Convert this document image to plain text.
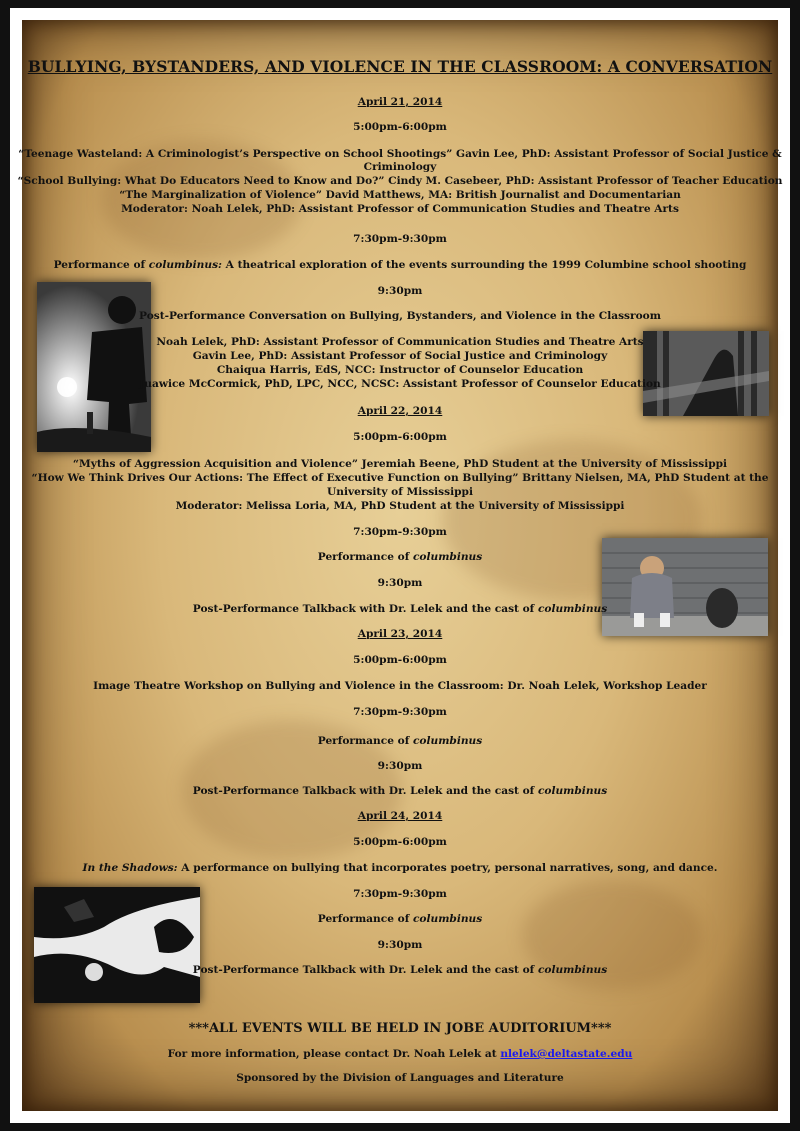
BULLYING, BYSTANDERS, AND VIOLENCE IN THE CLASSROOM: A CONVERSATION
April 21, 2014
5:00pm-6:00pm
“Teenage Wasteland: A Criminologist’s Perspective on School Shootings” Gavin Lee, PhD: Assistant Professor of Social Justice &
Criminology
“School Bullying: What Do Educators Need to Know and Do?” Cindy M. Casebeer, PhD: Assistant Professor of Teacher Education
“The Marginalization of Violence” David Matthews, MA: British Journalist and Documentarian
Moderator: Noah Lelek, PhD: Assistant Professor of Communication Studies and Theatre Arts
7:30pm-9:30pm
Performance of columbinus: A theatrical exploration of the events surrounding the 1999 Columbine school shooting
9:30pm
Post-Performance Conversation on Bullying, Bystanders, and Violence in the Classroom
Noah Lelek, PhD: Assistant Professor of Communication Studies and Theatre Arts
Gavin Lee, PhD: Assistant Professor of Social Justice and Criminology
Chaiqua Harris, EdS, NCC: Instructor of Counselor Education
Juawice McCormick, PhD, LPC, NCC, NCSC: Assistant Professor of Counselor Education
April 22, 2014
5:00pm-6:00pm
“Myths of Aggression Acquisition and Violence” Jeremiah Beene, PhD Student at the University of Mississippi
“How We Think Drives Our Actions: The Effect of Executive Function on Bullying” Brittany Nielsen, MA, PhD Student at the
University of Mississippi
Moderator: Melissa Loria, MA, PhD Student at the University of Mississippi
7:30pm-9:30pm
Performance of columbinus
9:30pm
Post-Performance Talkback with Dr. Lelek and the cast of columbinus
April 23, 2014
5:00pm-6:00pm
Image Theatre Workshop on Bullying and Violence in the Classroom: Dr. Noah Lelek, Workshop Leader
7:30pm-9:30pm
Performance of columbinus
9:30pm
Post-Performance Talkback with Dr. Lelek and the cast of columbinus
April 24, 2014
5:00pm-6:00pm
In the Shadows: A performance on bullying that incorporates poetry, personal narratives, song, and dance.
7:30pm-9:30pm
Performance of columbinus
9:30pm
Post-Performance Talkback with Dr. Lelek and the cast of columbinus
***ALL EVENTS WILL BE HELD IN JOBE AUDITORIUM***
For more information, please contact Dr. Noah Lelek at nlelek@deltastate.edu
Sponsored by the Division of Languages and Literature
